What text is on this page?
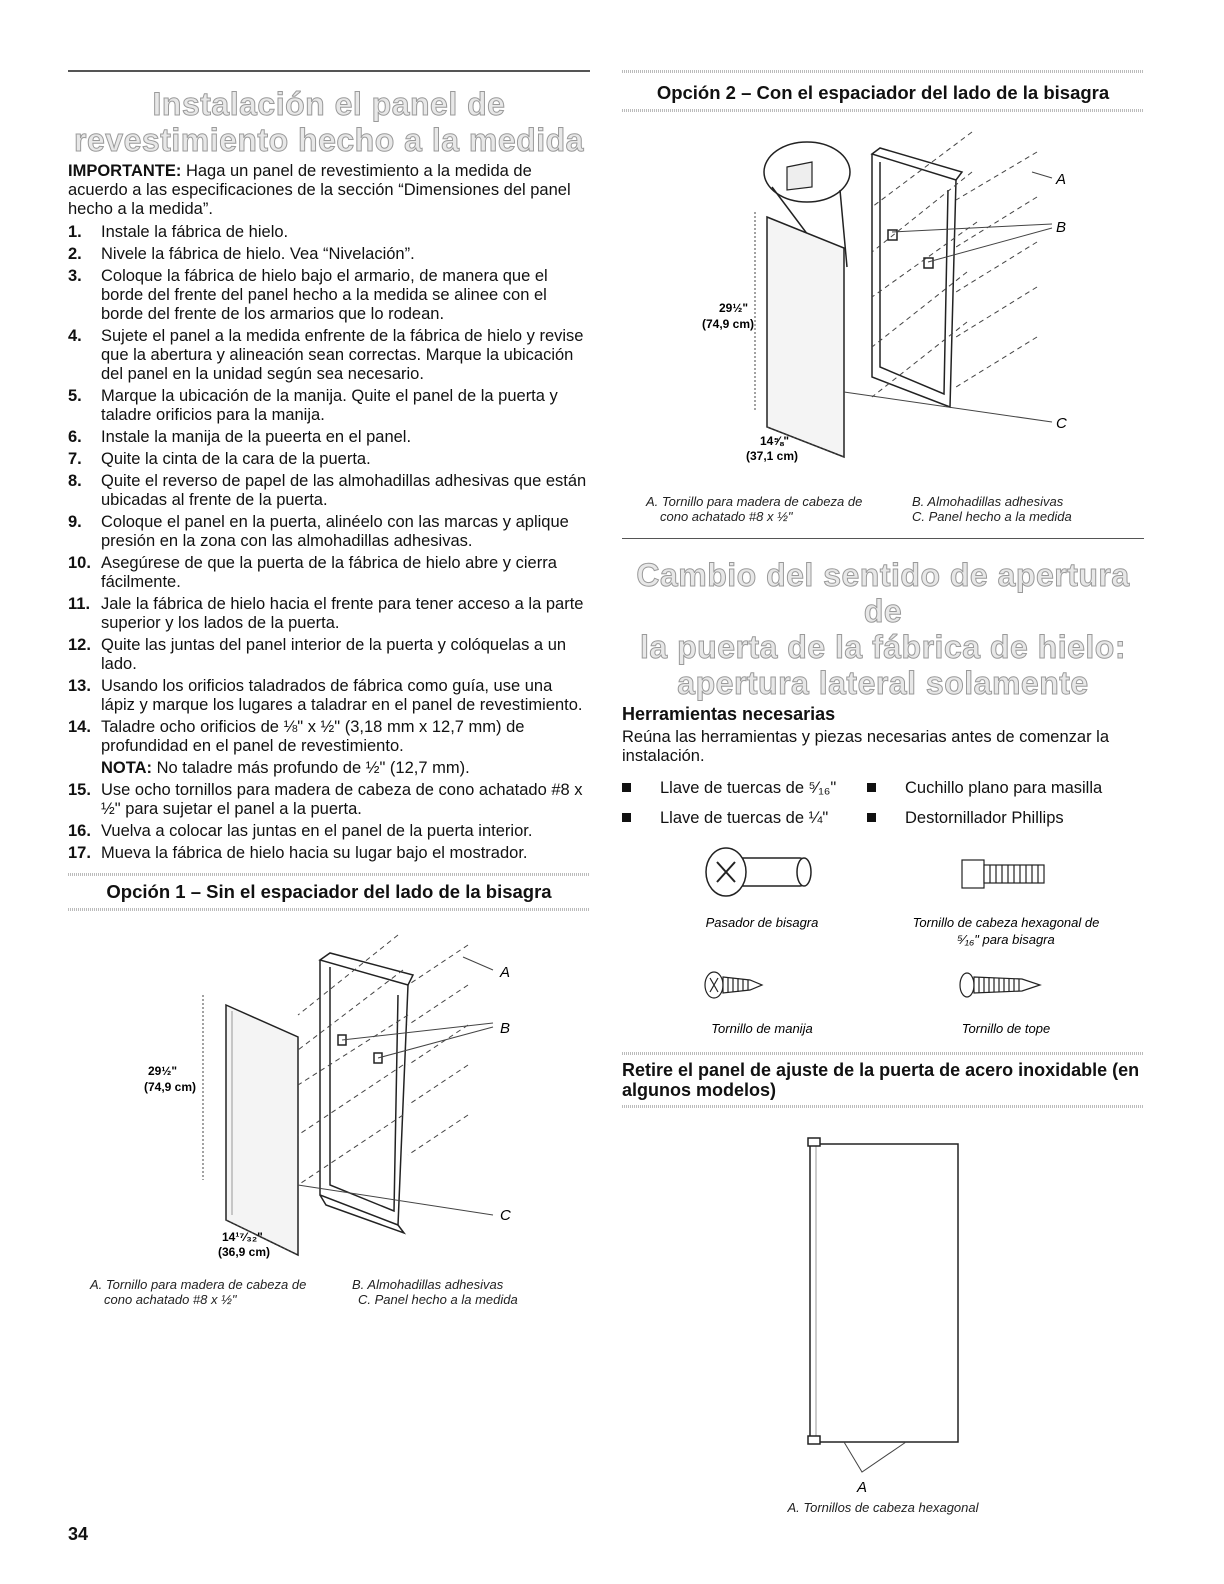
Instalación el panel de
revestimiento hecho a la medida

IMPORTANTE: Haga un panel de revestimiento a la medida de acuerdo a las especificaciones de la sección “Dimensiones del panel hecho a la medida”.

1.	Instale la fábrica de hielo.
2.	Nivele la fábrica de hielo. Vea “Nivelación”.
3.	Coloque la fábrica de hielo bajo el armario, de manera que el borde del frente del panel hecho a la medida se alinee con el borde del frente de los armarios que lo rodean.
4.	Sujete el panel a la medida enfrente de la fábrica de hielo y revise que la abertura y alineación sean correctas. Marque la ubicación del panel en la unidad según sea necesario.
5.	Marque la ubicación de la manija. Quite el panel de la puerta y taladre orificios para la manija.
6.	Instale la manija de la pueerta en el panel.
7.	Quite la cinta de la cara de la puerta.
8.	Quite el reverso de papel de las almohadillas adhesivas que están ubicadas al frente de la puerta.
9.	Coloque el panel en la puerta, alinéelo con las marcas y aplique presión en la zona con las almohadillas adhesivas.
10. Asegúrese de que la puerta de la fábrica de hielo abre y cierra fácilmente.
11. Jale la fábrica de hielo hacia el frente para tener acceso a la parte superior y los lados de la puerta.
12. Quite las juntas del panel interior de la puerta y colóquelas a un lado.
13. Usando los orificios taladrados de fábrica como guía, use una lápiz y marque los lugares a taladrar en el panel de revestimiento.
14. Taladre ocho orificios de ⅛" x ½" (3,18 mm x 12,7 mm) de profundidad en el panel de revestimiento.
NOTA: No taladre más profundo de ½" (12,7 mm).
15. Use ocho tornillos para madera de cabeza de cono achatado #8 x ½" para sujetar el panel a la puerta.
16. Vuelva a colocar las juntas en el panel de la puerta interior.
17. Mueva la fábrica de hielo hacia su lugar bajo el mostrador.
Opción 1 – Sin el espaciador del lado de la bisagra
A
B
C
29½"
(74,9 cm)
14¹⁷⁄₃₂"
(36,9 cm)
A. Tornillo para madera de cabeza de
cono achatado #8 x ½"
B. Almohadillas adhesivas
C. Panel hecho a la medida
Opción 2 – Con el espaciador del lado de la bisagra
A
B
C
29½"
(74,9 cm)
14⅝"
(37,1 cm)
A. Tornillo para madera de cabeza de
cono achatado #8 x ½"
B. Almohadillas adhesivas
C. Panel hecho a la medida
Cambio del sentido de apertura de
la puerta de la fábrica de hielo:
apertura lateral solamente
Herramientas necesarias

Reúna las herramientas y piezas necesarias antes de comenzar la instalación.

Llave de tuercas de ⁵⁄₁₆"	Cuchillo plano para masilla
Llave de tuercas de ¼"	Destornillador Phillips
Pasador de bisagra	Tornillo de cabeza hexagonal de
⁵⁄₁₆" para bisagra
Tornillo de manija	Tornillo de tope
Retire el panel de ajuste de la puerta de acero inoxidable (en algunos modelos)
A
A. Tornillos de cabeza hexagonal
34
